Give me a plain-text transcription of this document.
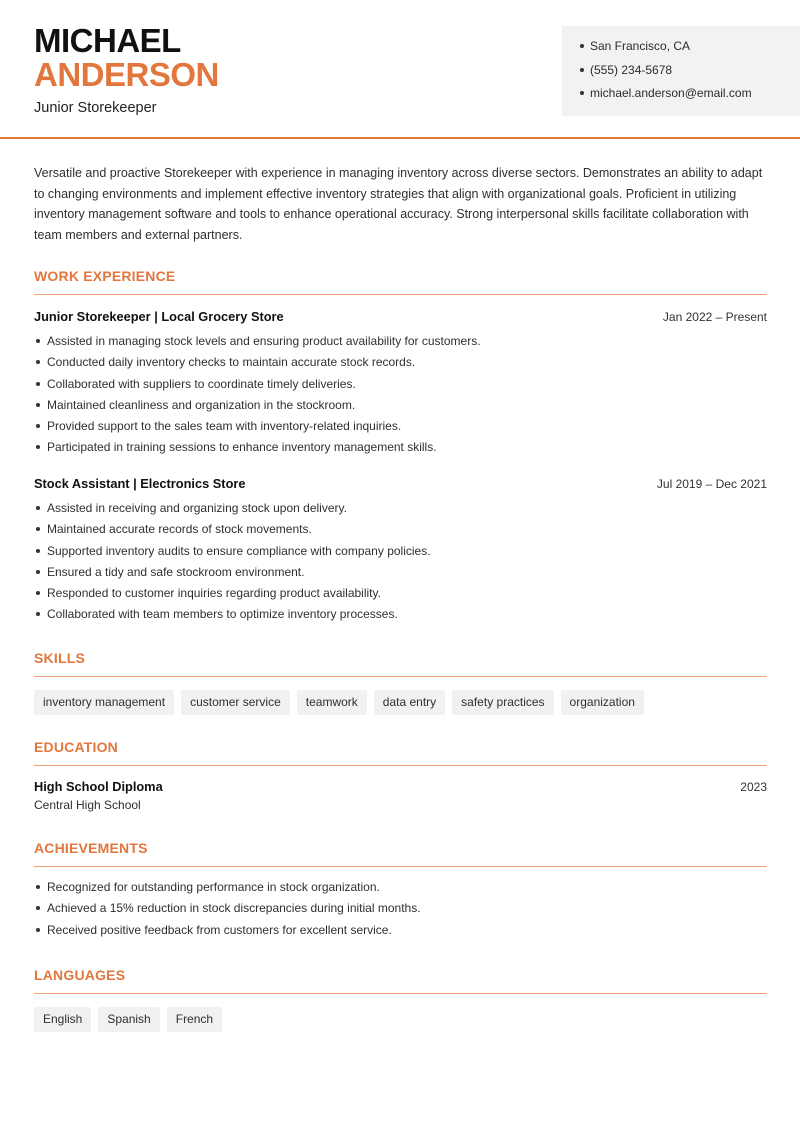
MICHAEL
ANDERSON
Junior Storekeeper
San Francisco, CA
(555) 234-5678
michael.anderson@email.com

Versatile and proactive Storekeeper with experience in managing inventory across diverse sectors. Demonstrates an ability to adapt to changing environments and implement effective inventory strategies that align with organizational goals. Proficient in utilizing inventory management software and tools to enhance operational accuracy. Strong interpersonal skills facilitate collaboration with team members and external partners.

WORK EXPERIENCE
Junior Storekeeper | Local Grocery Store	Jan 2022 – Present
Assisted in managing stock levels and ensuring product availability for customers.
Conducted daily inventory checks to maintain accurate stock records.
Collaborated with suppliers to coordinate timely deliveries.
Maintained cleanliness and organization in the stockroom.
Provided support to the sales team with inventory-related inquiries.
Participated in training sessions to enhance inventory management skills.
Stock Assistant | Electronics Store	Jul 2019 – Dec 2021
Assisted in receiving and organizing stock upon delivery.
Maintained accurate records of stock movements.
Supported inventory audits to ensure compliance with company policies.
Ensured a tidy and safe stockroom environment.
Responded to customer inquiries regarding product availability.
Collaborated with team members to optimize inventory processes.
SKILLS
inventory management	customer service	teamwork	data entry	safety practices	organization
EDUCATION
High School Diploma	2023
Central High School
ACHIEVEMENTS
Recognized for outstanding performance in stock organization.
Achieved a 15% reduction in stock discrepancies during initial months.
Received positive feedback from customers for excellent service.
LANGUAGES
English	Spanish	French
